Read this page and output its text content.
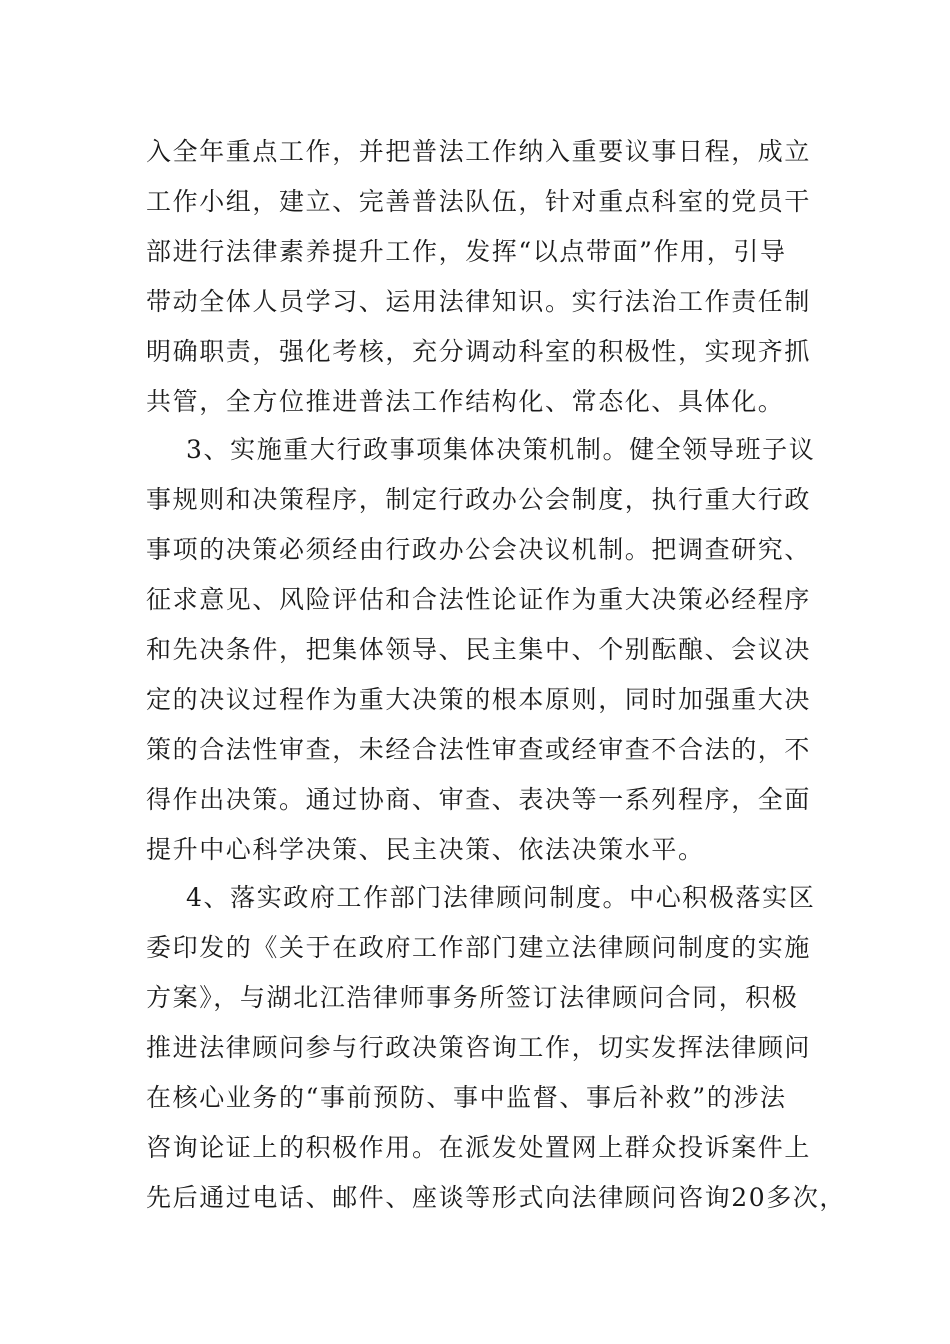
入全年重点工作，并把普法工作纳入重要议事日程，成立
工作小组，建立、完善普法队伍，针对重点科室的党员干
部进行法律素养提升工作，发挥“以点带面”作用，引导
带动全体人员学习、运用法律知识。实行法治工作责任制
明确职责，强化考核，充分调动科室的积极性，实现齐抓
共管，全方位推进普法工作结构化、常态化、具体化。
3、实施重大行政事项集体决策机制。健全领导班子议
事规则和决策程序，制定行政办公会制度，执行重大行政
事项的决策必须经由行政办公会决议机制。把调查研究、
征求意见、风险评估和合法性论证作为重大决策必经程序
和先决条件，把集体领导、民主集中、个别酝酿、会议决
定的决议过程作为重大决策的根本原则，同时加强重大决
策的合法性审查，未经合法性审查或经审查不合法的，不
得作出决策。通过协商、审查、表决等一系列程序，全面
提升中心科学决策、民主决策、依法决策水平。
4、落实政府工作部门法律顾问制度。中心积极落实区
委印发的《关于在政府工作部门建立法律顾问制度的实施
方案》，与湖北江浩律师事务所签订法律顾问合同，积极
推进法律顾问参与行政决策咨询工作，切实发挥法律顾问
在核心业务的“事前预防、事中监督、事后补救”的涉法
咨询论证上的积极作用。在派发处置网上群众投诉案件上
先后通过电话、邮件、座谈等形式向法律顾问咨询20多次，
